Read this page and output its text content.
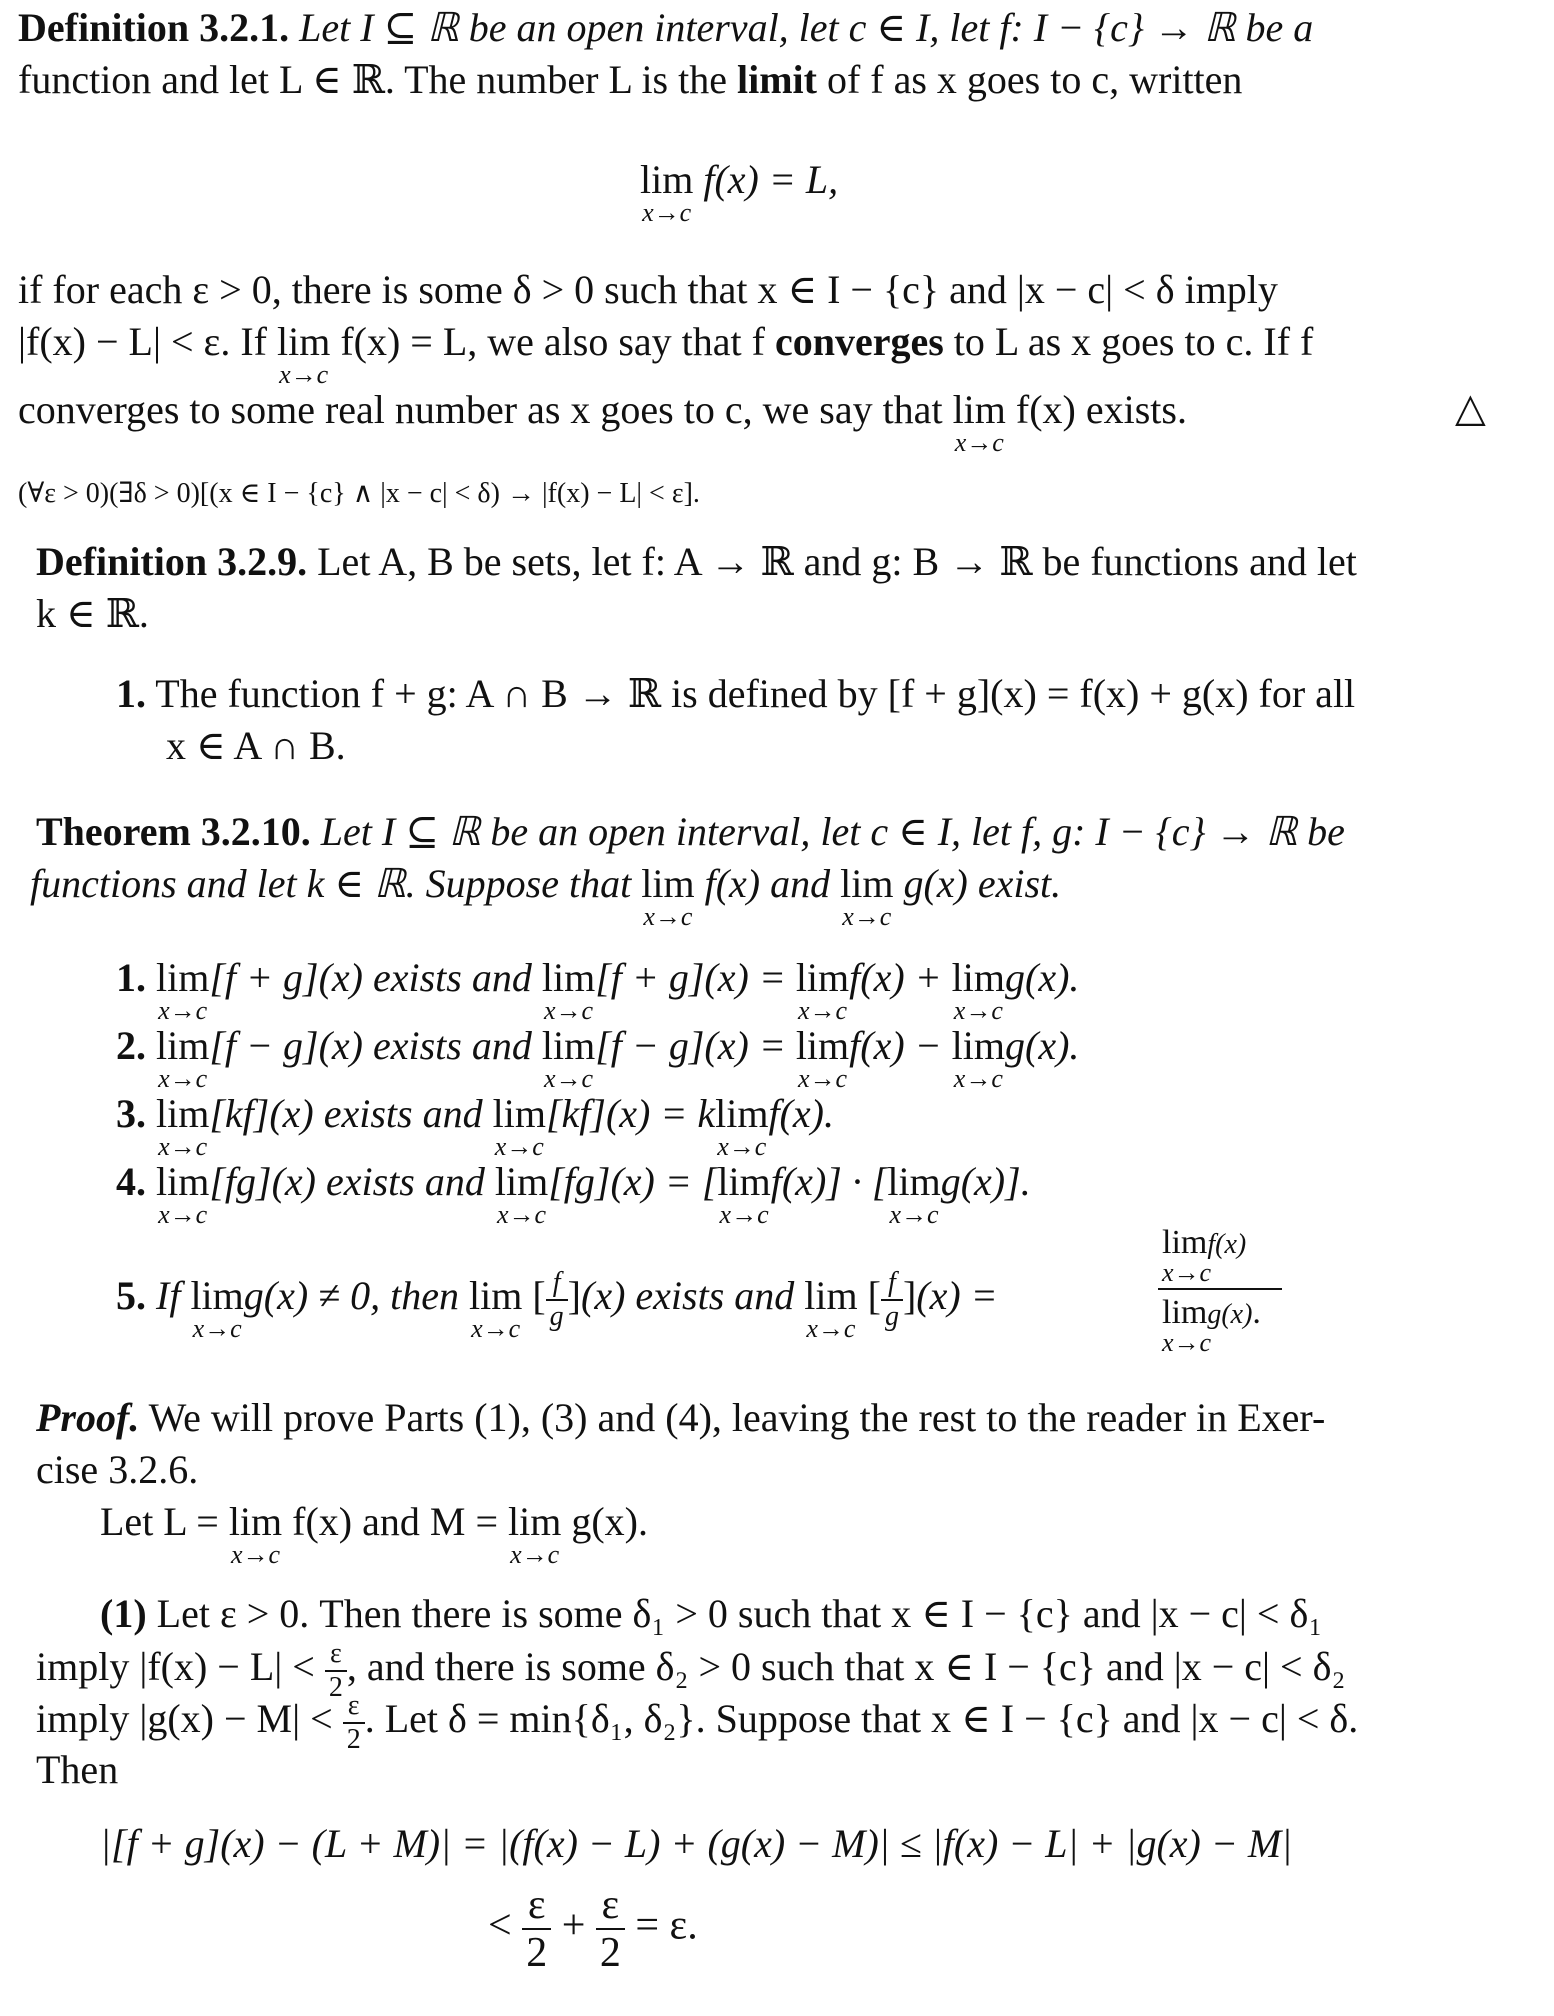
Definition 3.2.1. Let I ⊆ ℝ be an open interval, let c ∈ I, let f: I − {c} → ℝ be a
function and let L ∈ ℝ. The number L is the limit of f as x goes to c, written
lim
x→c
f(x) = L,
if for each ε > 0, there is some δ > 0 such that x ∈ I − {c} and |x − c| < δ imply
|f(x) − L| < ε. If lim
x→c
f(x) = L, we also say that f converges to L as x goes to c. If f
converges to some real number as x goes to c, we say that lim
x→c
f(x) exists.	△
(∀ε > 0)(∃δ > 0)[(x ∈ I − {c} ∧ |x − c| < δ) → |f(x) − L| < ε].
Definition 3.2.9. Let A, B be sets, let f: A → ℝ and g: B → ℝ be functions and let
k ∈ ℝ.
1. The function f + g: A ∩ B → ℝ is defined by [f + g](x) = f(x) + g(x) for all
x ∈ A ∩ B.
Theorem 3.2.10. Let I ⊆ ℝ be an open interval, let c ∈ I, let f, g: I − {c} → ℝ be
functions and let k ∈ ℝ. Suppose that lim
x→c
f(x) and lim
x→c
g(x) exist.
1. lim
x→c
[f + g](x) exists and lim
x→c
[f + g](x) = lim
x→c
f(x) + lim
x→c
g(x).
2. lim
x→c
[f − g](x) exists and lim
x→c
[f − g](x) = lim
x→c
f(x) − lim
x→c
g(x).
3. lim
x→c
[kf](x) exists and lim
x→c
[kf](x) = klim
x→c
f(x).
4. lim
x→c
[fg](x) exists and lim
x→c
[fg](x) = [lim
x→c
f(x)] · [lim
x→c
g(x)].
5. If lim
x→c
g(x) ≠ 0, then lim
x→c
[ $\frac{f}{g} ](x)$ exists and lim
x→c
[ $\frac{f}{g} ](x)$ =
lim
x→c
f(x)
lim
x→c
g(x).
Proof. We will prove Parts (1), (3) and (4), leaving the rest to the reader in Exer-
cise 3.2.6.
Let L = lim
x→c
f(x) and M = lim
x→c
g(x).
(1) Let ε > 0. Then there is some δ₁ > 0 such that x ∈ I − {c} and |x − c| < δ₁
imply $|f(x) - L| < \frac{\varepsilon}{2}$ , and there is some δ₂ > 0 such that x ∈ I − {c} and |x − c| < δ₂
imply $|g(x) - M| < \frac{\varepsilon}{2}$ . Let δ = min{δ₁, δ₂}. Suppose that x ∈ I − {c} and |x − c| < δ.
Then
|[f + g](x) − (L + M)| = |(f(x) − L) + (g(x) − M)| ≤ |f(x) − L| + |g(x) − M|
< $\frac{\varepsilon}{2} + \frac{\varepsilon}{2} = \varepsilon$.
